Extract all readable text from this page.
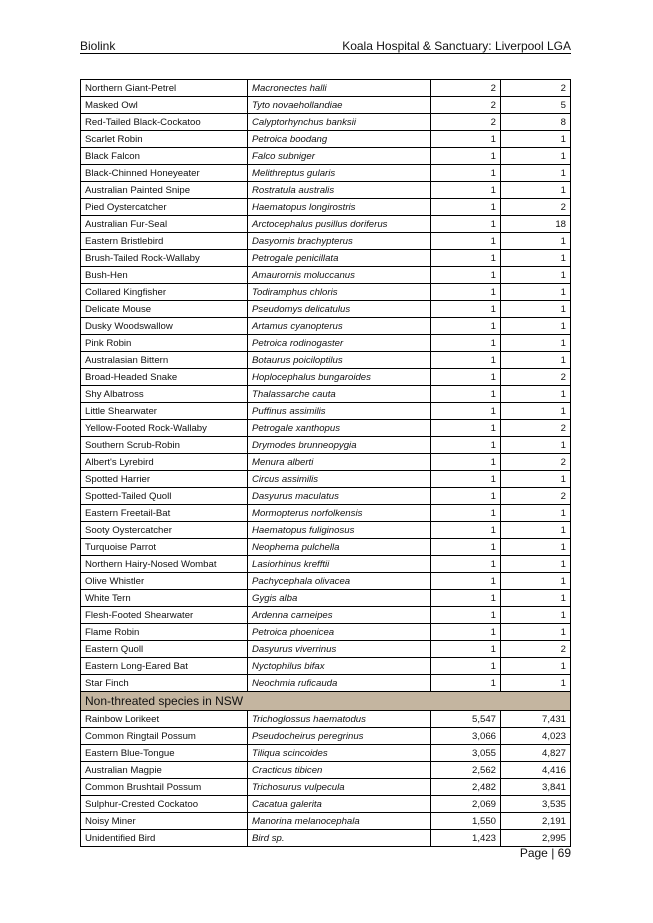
Biolink	Koala Hospital & Sanctuary: Liverpool LGA
Northern Giant-Petrel	Macronectes halli	2	2
Masked Owl	Tyto novaehollandiae	2	5
Red-Tailed Black-Cockatoo	Calyptorhynchus banksii	2	8
Scarlet Robin	Petroica boodang	1	1
Black Falcon	Falco subniger	1	1
Black-Chinned Honeyeater	Melithreptus gularis	1	1
Australian Painted Snipe	Rostratula australis	1	1
Pied Oystercatcher	Haematopus longirostris	1	2
Australian Fur-Seal	Arctocephalus pusillus doriferus	1	18
Eastern Bristlebird	Dasyornis brachypterus	1	1
Brush-Tailed Rock-Wallaby	Petrogale penicillata	1	1
Bush-Hen	Amaurornis moluccanus	1	1
Collared Kingfisher	Todiramphus chloris	1	1
Delicate Mouse	Pseudomys delicatulus	1	1
Dusky Woodswallow	Artamus cyanopterus	1	1
Pink Robin	Petroica rodinogaster	1	1
Australasian Bittern	Botaurus poiciloptilus	1	1
Broad-Headed Snake	Hoplocephalus bungaroides	1	2
Shy Albatross	Thalassarche cauta	1	1
Little Shearwater	Puffinus assimilis	1	1
Yellow-Footed Rock-Wallaby	Petrogale xanthopus	1	2
Southern Scrub-Robin	Drymodes brunneopygia	1	1
Albert's Lyrebird	Menura alberti	1	2
Spotted Harrier	Circus assimilis	1	1
Spotted-Tailed Quoll	Dasyurus maculatus	1	2
Eastern Freetail-Bat	Mormopterus norfolkensis	1	1
Sooty Oystercatcher	Haematopus fuliginosus	1	1
Turquoise Parrot	Neophema pulchella	1	1
Northern Hairy-Nosed Wombat	Lasiorhinus krefftii	1	1
Olive Whistler	Pachycephala olivacea	1	1
White Tern	Gygis alba	1	1
Flesh-Footed Shearwater	Ardenna carneipes	1	1
Flame Robin	Petroica phoenicea	1	1
Eastern Quoll	Dasyurus viverrinus	1	2
Eastern Long-Eared Bat	Nyctophilus bifax	1	1
Star Finch	Neochmia ruficauda	1	1
Non-threated species in NSW			
Rainbow Lorikeet	Trichoglossus haematodus	5,547	7,431
Common Ringtail Possum	Pseudocheirus peregrinus	3,066	4,023
Eastern Blue-Tongue	Tiliqua scincoides	3,055	4,827
Australian Magpie	Cracticus tibicen	2,562	4,416
Common Brushtail Possum	Trichosurus vulpecula	2,482	3,841
Sulphur-Crested Cockatoo	Cacatua galerita	2,069	3,535
Noisy Miner	Manorina melanocephala	1,550	2,191
Unidentified Bird	Bird sp.	1,423	2,995
Page | 69
